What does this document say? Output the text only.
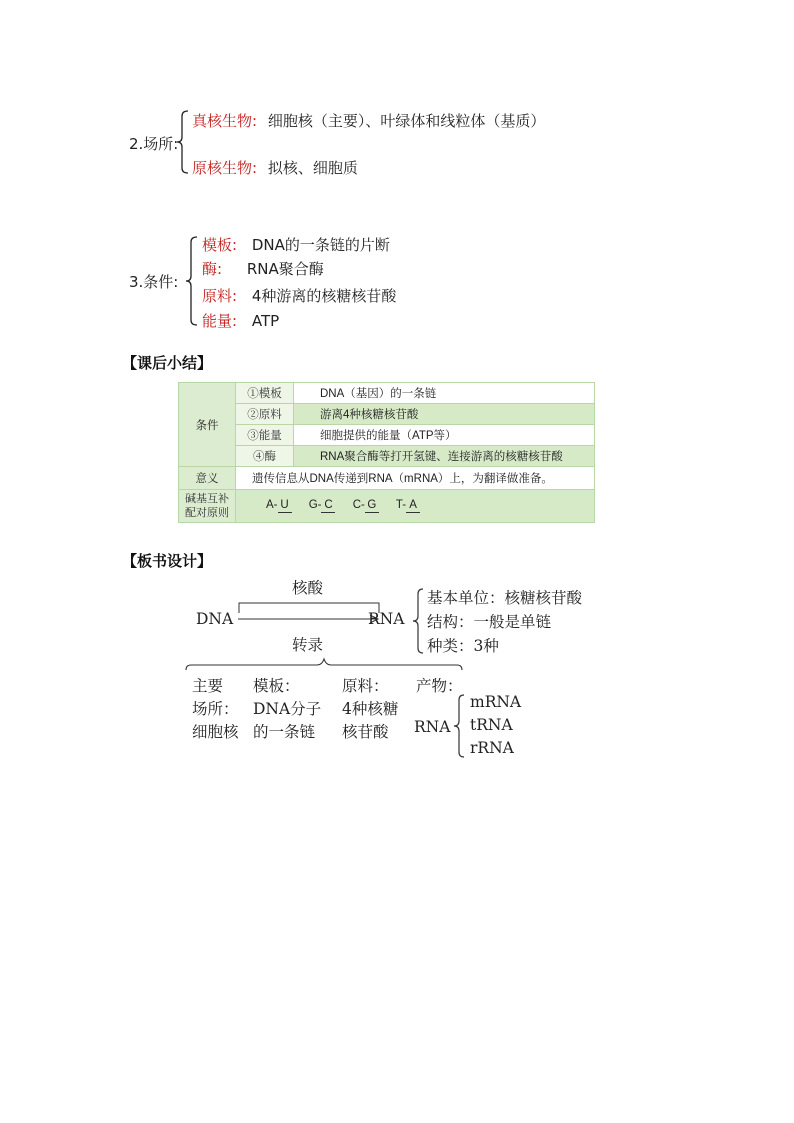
2.场所:
真核生物: 细胞核（主要）、叶绿体和线粒体（基质）
原核生物: 拟核、细胞质
3.条件:
模板: DNA的一条链的片断
酶: RNA聚合酶
原料: 4种游离的核糖核苷酸
能量: ATP
【课后小结】
条件	①模板	DNA（基因）的一条链
	②原料	游离4种核糖核苷酸
	③能量	细胞提供的能量（ATP等）
	④酶	RNA聚合酶等打开氢键、连接游离的核糖核苷酸
意义	遗传信息从DNA传递到RNA（mRNA）上，为翻译做准备。	

碱基互补
配对原则	A- U G- C C- G T- A	
【板书设计】
核酸
DNA	RNA
基本单位：核糖核苷酸
结构：一般是单链
种类：3种
转录
主要
场所：
细胞核
模板：
DNA分子
的一条链
原料：
4种核糖
核苷酸
产物：
RNA
mRNA
tRNA
rRNA
